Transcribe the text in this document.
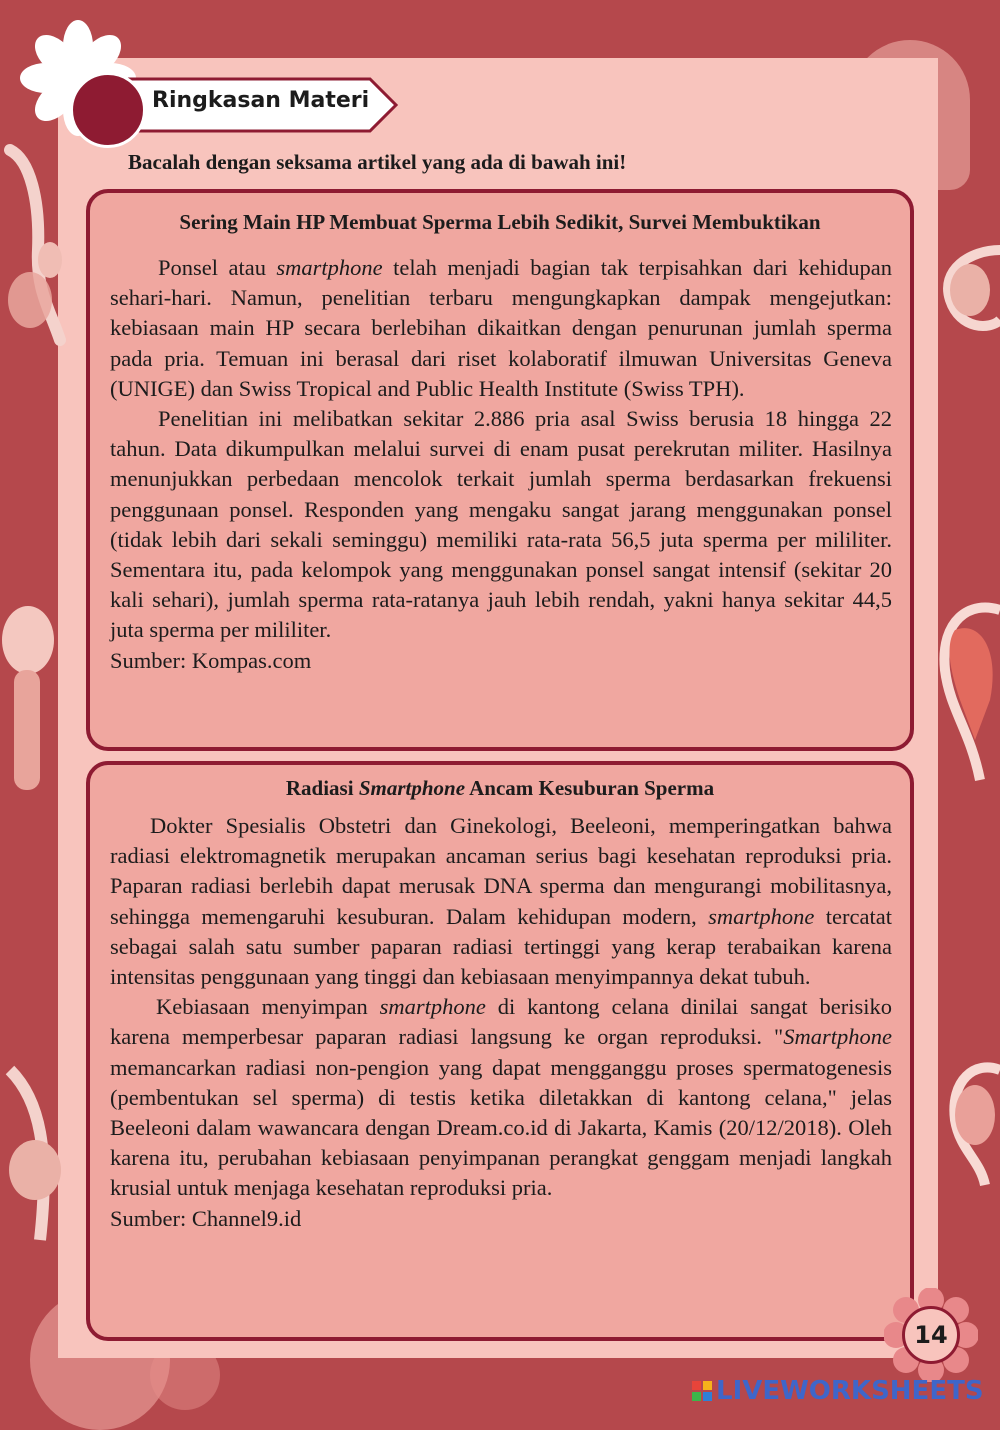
Ringkasan Materi
Bacalah dengan seksama artikel yang ada di bawah ini!
Sering Main HP Membuat Sperma Lebih Sedikit, Survei Membuktikan

Ponsel atau smartphone telah menjadi bagian tak terpisahkan dari kehidupan sehari-hari. Namun, penelitian terbaru mengungkapkan dampak mengejutkan: kebiasaan main HP secara berlebihan dikaitkan dengan penurunan jumlah sperma pada pria. Temuan ini berasal dari riset kolaboratif ilmuwan Universitas Geneva (UNIGE) dan Swiss Tropical and Public Health Institute (Swiss TPH).

Penelitian ini melibatkan sekitar 2.886 pria asal Swiss berusia 18 hingga 22 tahun. Data dikumpulkan melalui survei di enam pusat perekrutan militer. Hasilnya menunjukkan perbedaan mencolok terkait jumlah sperma berdasarkan frekuensi penggunaan ponsel. Responden yang mengaku sangat jarang menggunakan ponsel (tidak lebih dari sekali seminggu) memiliki rata-rata 56,5 juta sperma per mililiter. Sementara itu, pada kelompok yang menggunakan ponsel sangat intensif (sekitar 20 kali sehari), jumlah sperma rata-ratanya jauh lebih rendah, yakni hanya sekitar 44,5 juta sperma per mililiter.

Sumber: Kompas.com

Radiasi Smartphone Ancam Kesuburan Sperma

Dokter Spesialis Obstetri dan Ginekologi, Beeleoni, memperingatkan bahwa radiasi elektromagnetik merupakan ancaman serius bagi kesehatan reproduksi pria. Paparan radiasi berlebih dapat merusak DNA sperma dan mengurangi mobilitasnya, sehingga memengaruhi kesuburan. Dalam kehidupan modern, smartphone tercatat sebagai salah satu sumber paparan radiasi tertinggi yang kerap terabaikan karena intensitas penggunaan yang tinggi dan kebiasaan menyimpannya dekat tubuh.

Kebiasaan menyimpan smartphone di kantong celana dinilai sangat berisiko karena memperbesar paparan radiasi langsung ke organ reproduksi. "Smartphone memancarkan radiasi non-pengion yang dapat mengganggu proses spermatogenesis (pembentukan sel sperma) di testis ketika diletakkan di kantong celana," jelas Beeleoni dalam wawancara dengan Dream.co.id di Jakarta, Kamis (20/12/2018). Oleh karena itu, perubahan kebiasaan penyimpanan perangkat genggam menjadi langkah krusial untuk menjaga kesehatan reproduksi pria.

Sumber: Channel9.id

14
LIVEWORKSHEETS
